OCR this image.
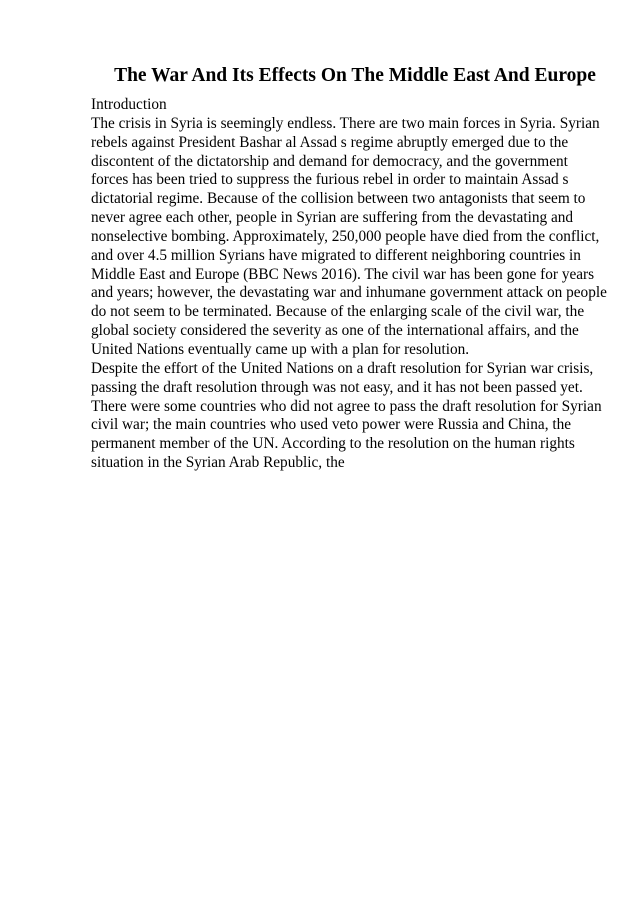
The War And Its Effects On The Middle East And Europe
Introduction
The crisis in Syria is seemingly endless. There are two main forces in Syria. Syrian
rebels against President Bashar al Assad s regime abruptly emerged due to the
discontent of the dictatorship and demand for democracy, and the government
forces has been tried to suppress the furious rebel in order to maintain Assad s
dictatorial regime. Because of the collision between two antagonists that seem to
never agree each other, people in Syrian are suffering from the devastating and
nonselective bombing. Approximately, 250,000 people have died from the conflict,
and over 4.5 million Syrians have migrated to different neighboring countries in
Middle East and Europe (BBC News 2016). The civil war has been gone for years
and years; however, the devastating war and inhumane government attack on people
do not seem to be terminated. Because of the enlarging scale of the civil war, the
global society considered the severity as one of the international affairs, and the
United Nations eventually came up with a plan for resolution.
Despite the effort of the United Nations on a draft resolution for Syrian war crisis,
passing the draft resolution through was not easy, and it has not been passed yet.
There were some countries who did not agree to pass the draft resolution for Syrian
civil war; the main countries who used veto power were Russia and China, the
permanent member of the UN. According to the resolution on the human rights
situation in the Syrian Arab Republic, the
